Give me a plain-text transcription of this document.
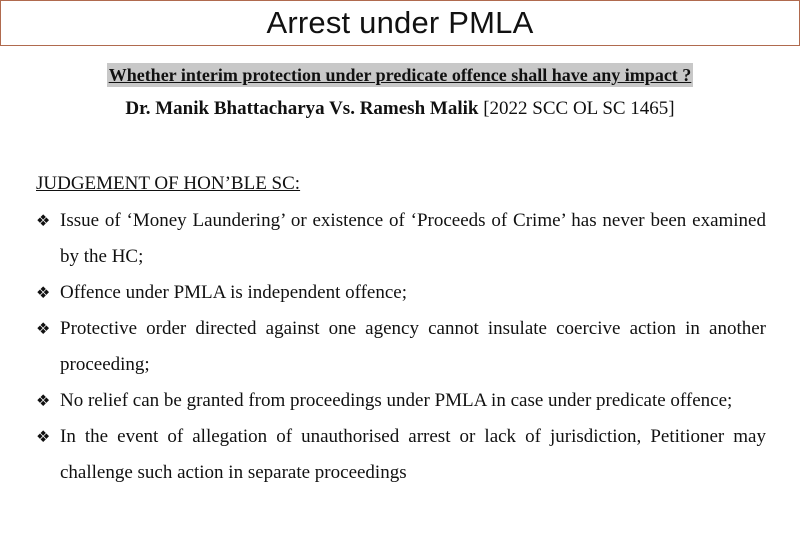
Arrest under PMLA
Whether interim protection under predicate offence shall have any impact ?
Dr. Manik Bhattacharya Vs. Ramesh Malik [2022 SCC OL SC 1465]
JUDGEMENT OF HON’BLE SC:
❖ Issue of ‘Money Laundering’ or existence of ‘Proceeds of Crime’ has never been examined by the HC;
❖ Offence under PMLA is independent offence;
❖ Protective order directed against one agency cannot insulate coercive action in another proceeding;
❖ No relief can be granted from proceedings under PMLA in case under predicate offence;
❖ In the event of allegation of unauthorised arrest or lack of jurisdiction, Petitioner may challenge such action in separate proceedings
